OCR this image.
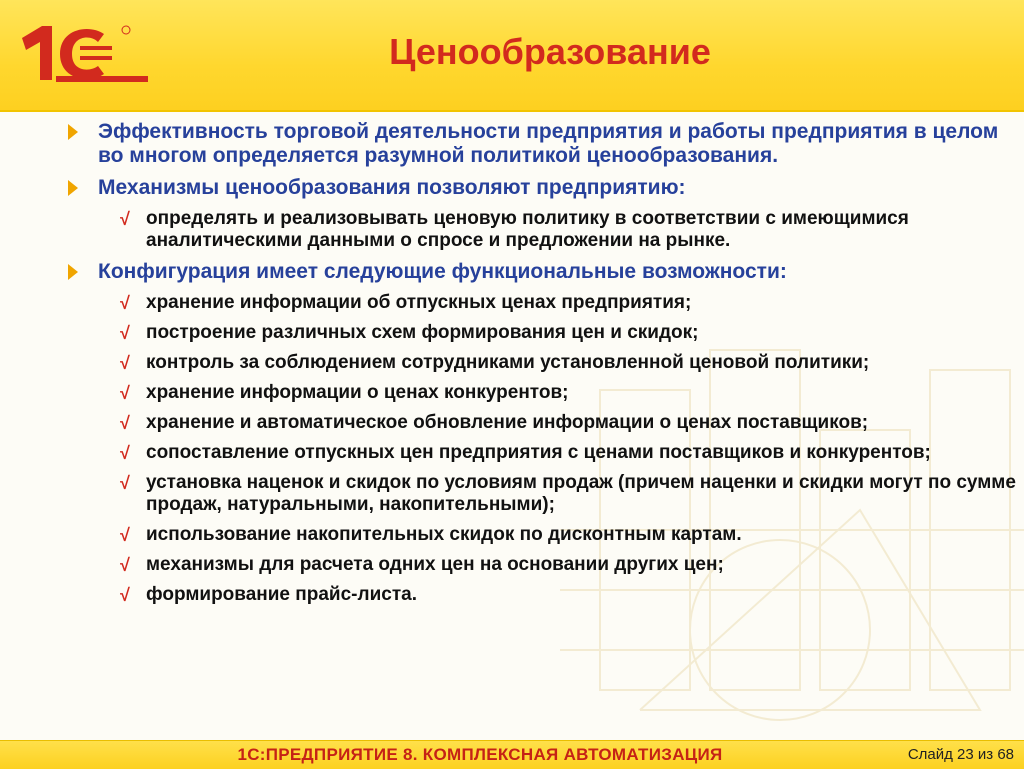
Ценообразование
Эффективность торговой деятельности предприятия и работы предприятия в целом во многом определяется разумной политикой ценообразования.
Механизмы ценообразования позволяют предприятию:
√ определять и реализовывать ценовую политику в соответствии с имеющимися аналитическими данными о спросе и предложении на рынке.
Конфигурация имеет следующие функциональные возможности:
√ хранение информации об отпускных ценах предприятия;
√ построение различных схем формирования цен и скидок;
√ контроль за соблюдением сотрудниками установленной ценовой политики;
√ хранение информации о ценах конкурентов;
√ хранение и автоматическое обновление информации о ценах поставщиков;
√ сопоставление отпускных цен предприятия с ценами поставщиков и конкурентов;
√ установка наценок и скидок по условиям продаж (причем наценки и скидки могут по сумме продаж, натуральными, накопительными);
√ использование накопительных скидок по дисконтным картам.
√ механизмы для расчета одних цен на основании других цен;
√ формирование прайс-листа.
1С:ПРЕДПРИЯТИЕ 8. КОМПЛЕКСНАЯ АВТОМАТИЗАЦИЯ	Слайд 23 из 68
